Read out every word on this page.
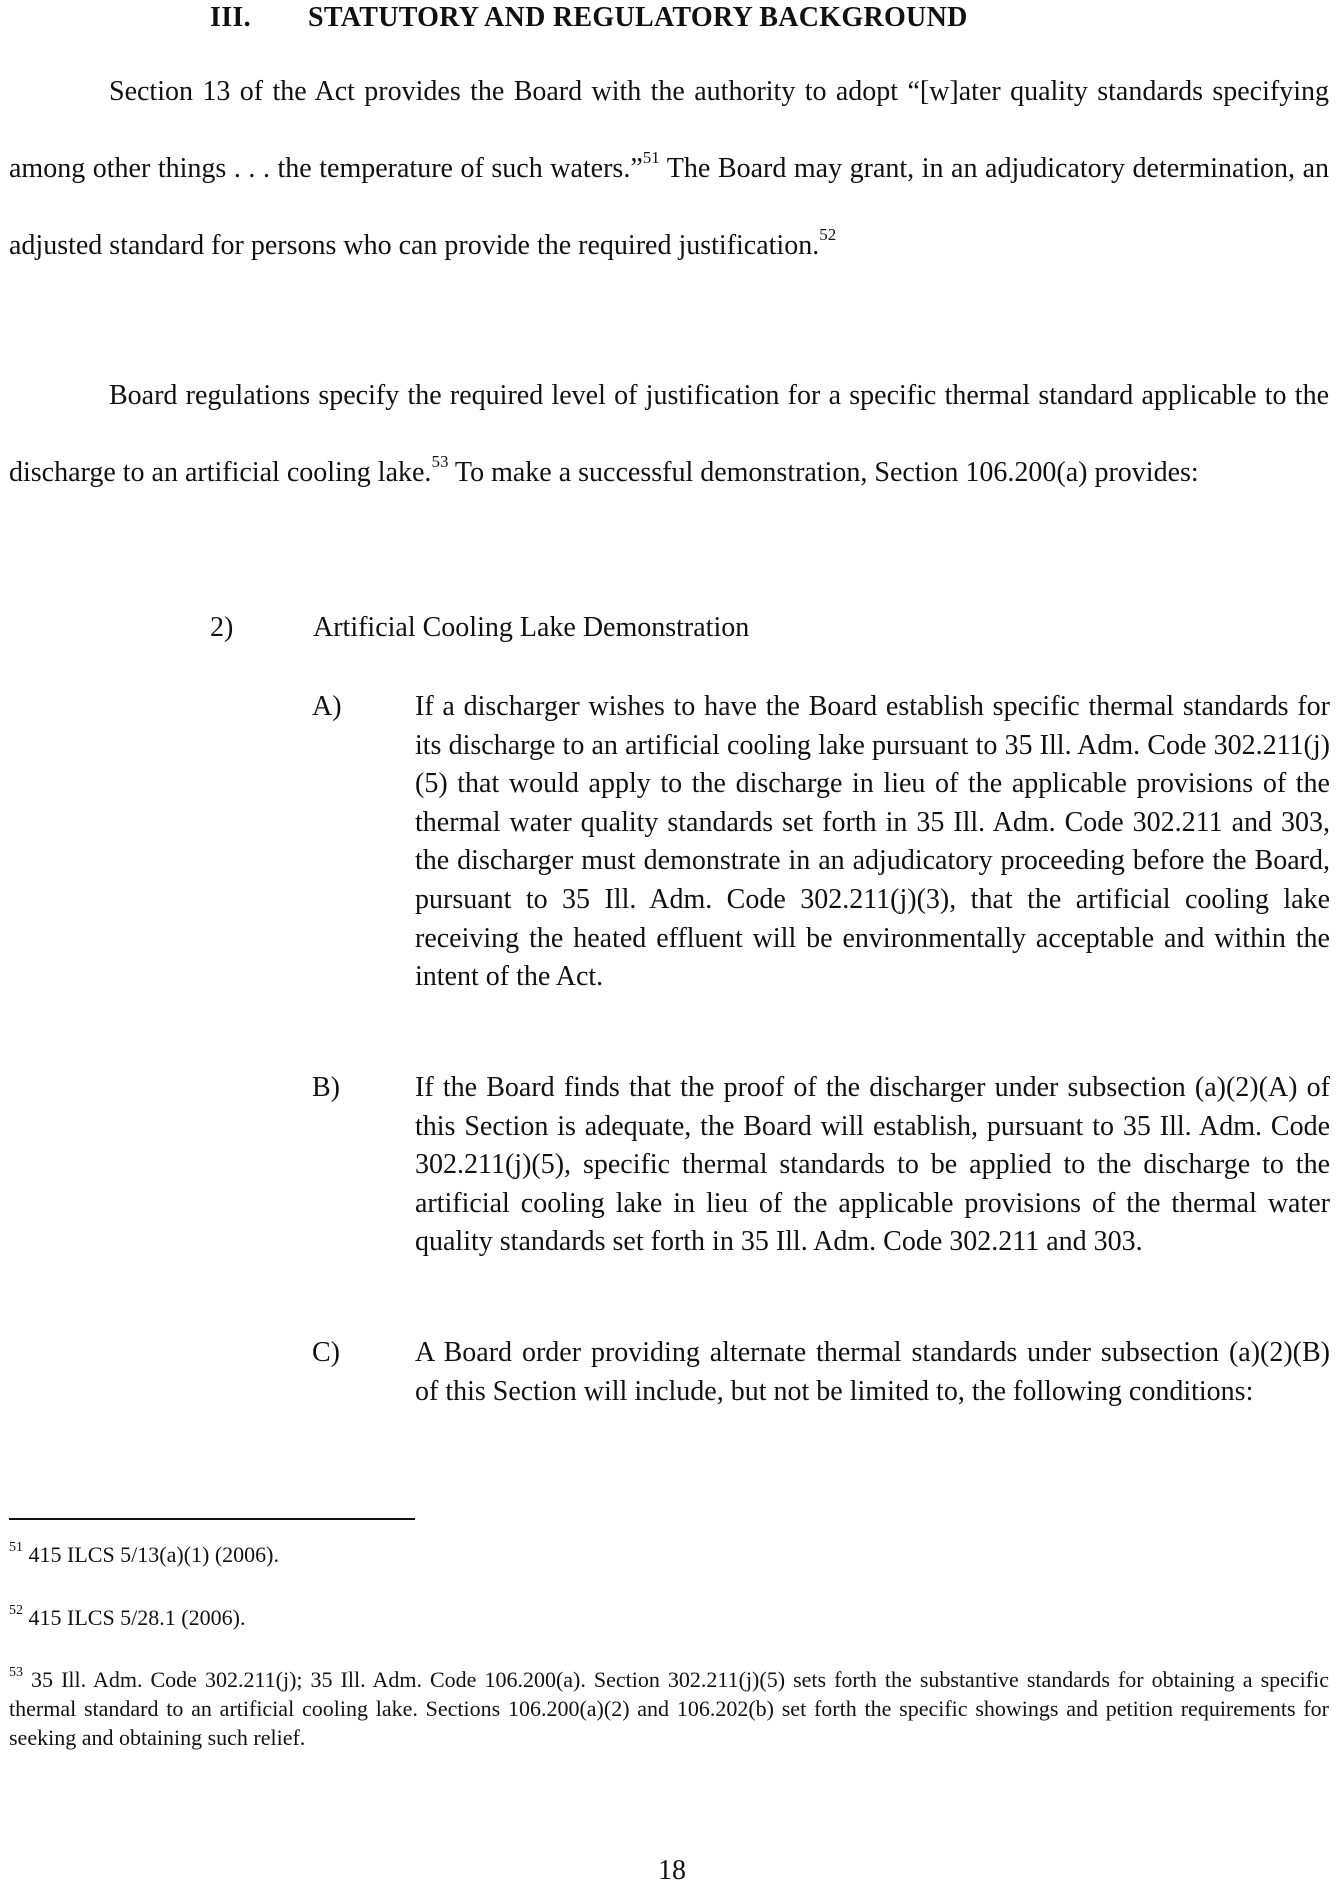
III. STATUTORY AND REGULATORY BACKGROUND
Section 13 of the Act provides the Board with the authority to adopt “[w]ater quality standards specifying among other things . . . the temperature of such waters.”$^{51}$ The Board may grant, in an adjudicatory determination, an adjusted standard for persons who can provide the required justification.$^{52}$
Board regulations specify the required level of justification for a specific thermal standard applicable to the discharge to an artificial cooling lake.$^{53}$ To make a successful demonstration, Section 106.200(a) provides:
2)	Artificial Cooling Lake Demonstration
A)	If a discharger wishes to have the Board establish specific thermal standards for its discharge to an artificial cooling lake pursuant to 35 Ill. Adm. Code 302.211(j)(5) that would apply to the discharge in lieu of the applicable provisions of the thermal water quality standards set forth in 35 Ill. Adm. Code 302.211 and 303, the discharger must demonstrate in an adjudicatory proceeding before the Board, pursuant to 35 Ill. Adm. Code 302.211(j)(3), that the artificial cooling lake receiving the heated effluent will be environmentally acceptable and within the intent of the Act.
B)	If the Board finds that the proof of the discharger under subsection (a)(2)(A) of this Section is adequate, the Board will establish, pursuant to 35 Ill. Adm. Code 302.211(j)(5), specific thermal standards to be applied to the discharge to the artificial cooling lake in lieu of the applicable provisions of the thermal water quality standards set forth in 35 Ill. Adm. Code 302.211 and 303.
C)	A Board order providing alternate thermal standards under subsection (a)(2)(B) of this Section will include, but not be limited to, the following conditions:
$^{51}$ 415 ILCS 5/13(a)(1) (2006).
$^{52}$ 415 ILCS 5/28.1 (2006).
$^{53}$ 35 Ill. Adm. Code 302.211(j); 35 Ill. Adm. Code 106.200(a). Section 302.211(j)(5) sets forth the substantive standards for obtaining a specific thermal standard to an artificial cooling lake. Sections 106.200(a)(2) and 106.202(b) set forth the specific showings and petition requirements for seeking and obtaining such relief.
18
